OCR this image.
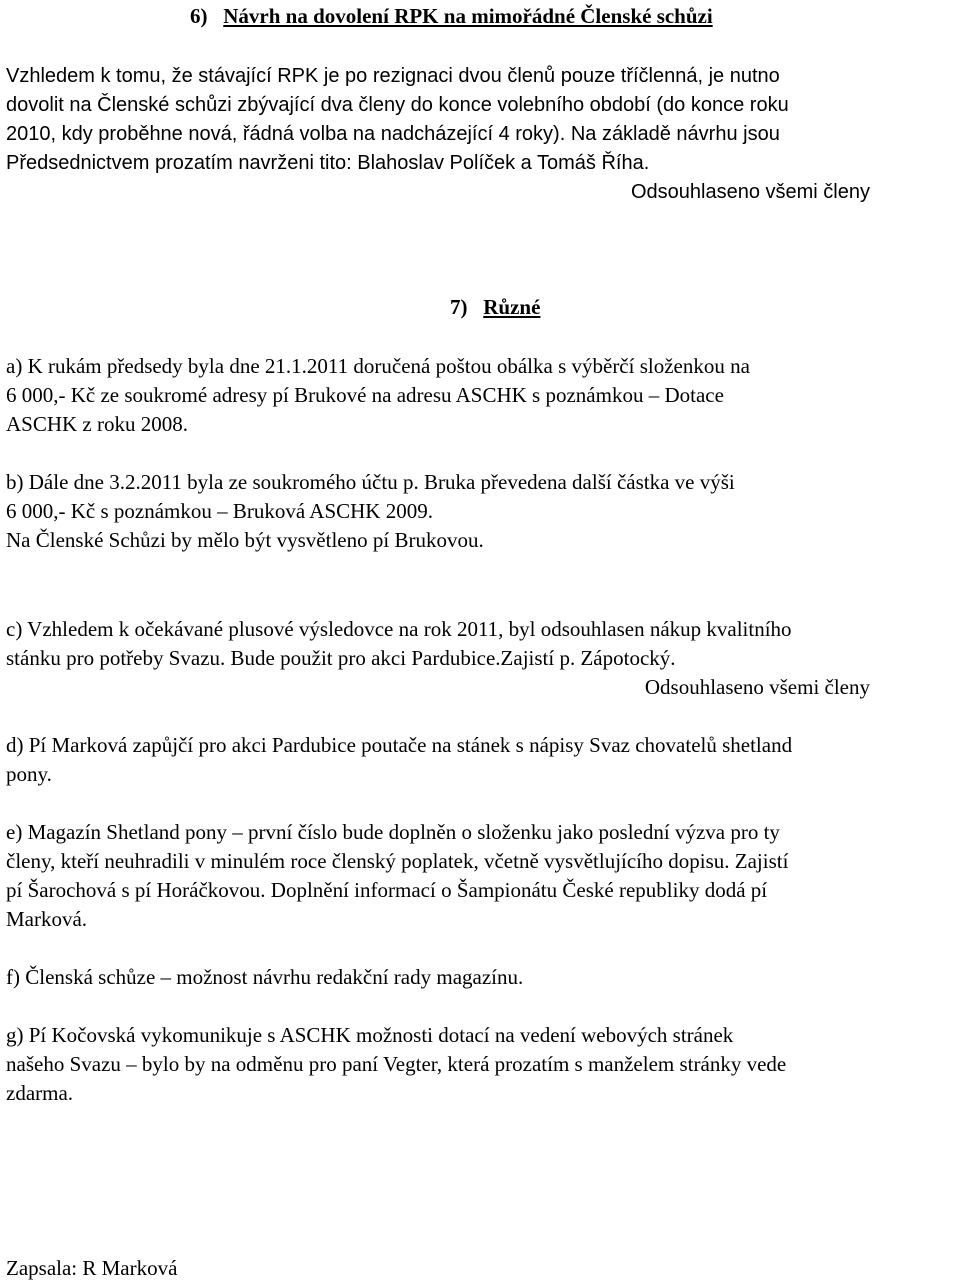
6) Návrh na dovolení RPK na mimořádné Členské schůzi
Vzhledem k tomu, že stávající RPK je po rezignaci dvou členů pouze tříčlenná, je nutno
dovolit na Členské schůzi zbývající dva členy do konce volebního období (do konce roku
2010, kdy proběhne nová, řádná volba na nadcházející 4 roky). Na základě návrhu jsou
Předsednictvem prozatím navrženi tito: Blahoslav Políček a Tomáš Říha.
Odsouhlaseno všemi členy
7) Různé
a) K rukám předsedy byla dne 21.1.2011 doručená poštou obálka s výběrčí složenkou na
6 000,- Kč ze soukromé adresy pí Brukové na adresu ASCHK s poznámkou – Dotace
ASCHK z roku 2008.
b) Dále dne 3.2.2011 byla ze soukromého účtu p. Bruka převedena další částka ve výši
6 000,- Kč s poznámkou – Bruková ASCHK 2009.
Na Členské Schůzi by mělo být vysvětleno pí Brukovou.
c) Vzhledem k očekávané plusové výsledovce na rok 2011, byl odsouhlasen nákup kvalitního
stánku pro potřeby Svazu. Bude použit pro akci Pardubice.Zajistí p. Zápotocký.
Odsouhlaseno všemi členy
d) Pí Marková zapůjčí pro akci Pardubice poutače na stánek s nápisy Svaz chovatelů shetland
pony.
e) Magazín Shetland pony – první číslo bude doplněn o složenku jako poslední výzva pro ty
členy, kteří neuhradili v minulém roce členský poplatek, včetně vysvětlujícího dopisu. Zajistí
pí Šarochová s pí Horáčkovou. Doplnění informací o Šampionátu České republiky dodá pí
Marková.
f) Členská schůze – možnost návrhu redakční rady magazínu.
g) Pí Kočovská vykomunikuje s ASCHK možnosti dotací na vedení webových stránek
našeho Svazu – bylo by na odměnu pro paní Vegter, která prozatím s manželem stránky vede
zdarma.
Zapsala: R Marková
